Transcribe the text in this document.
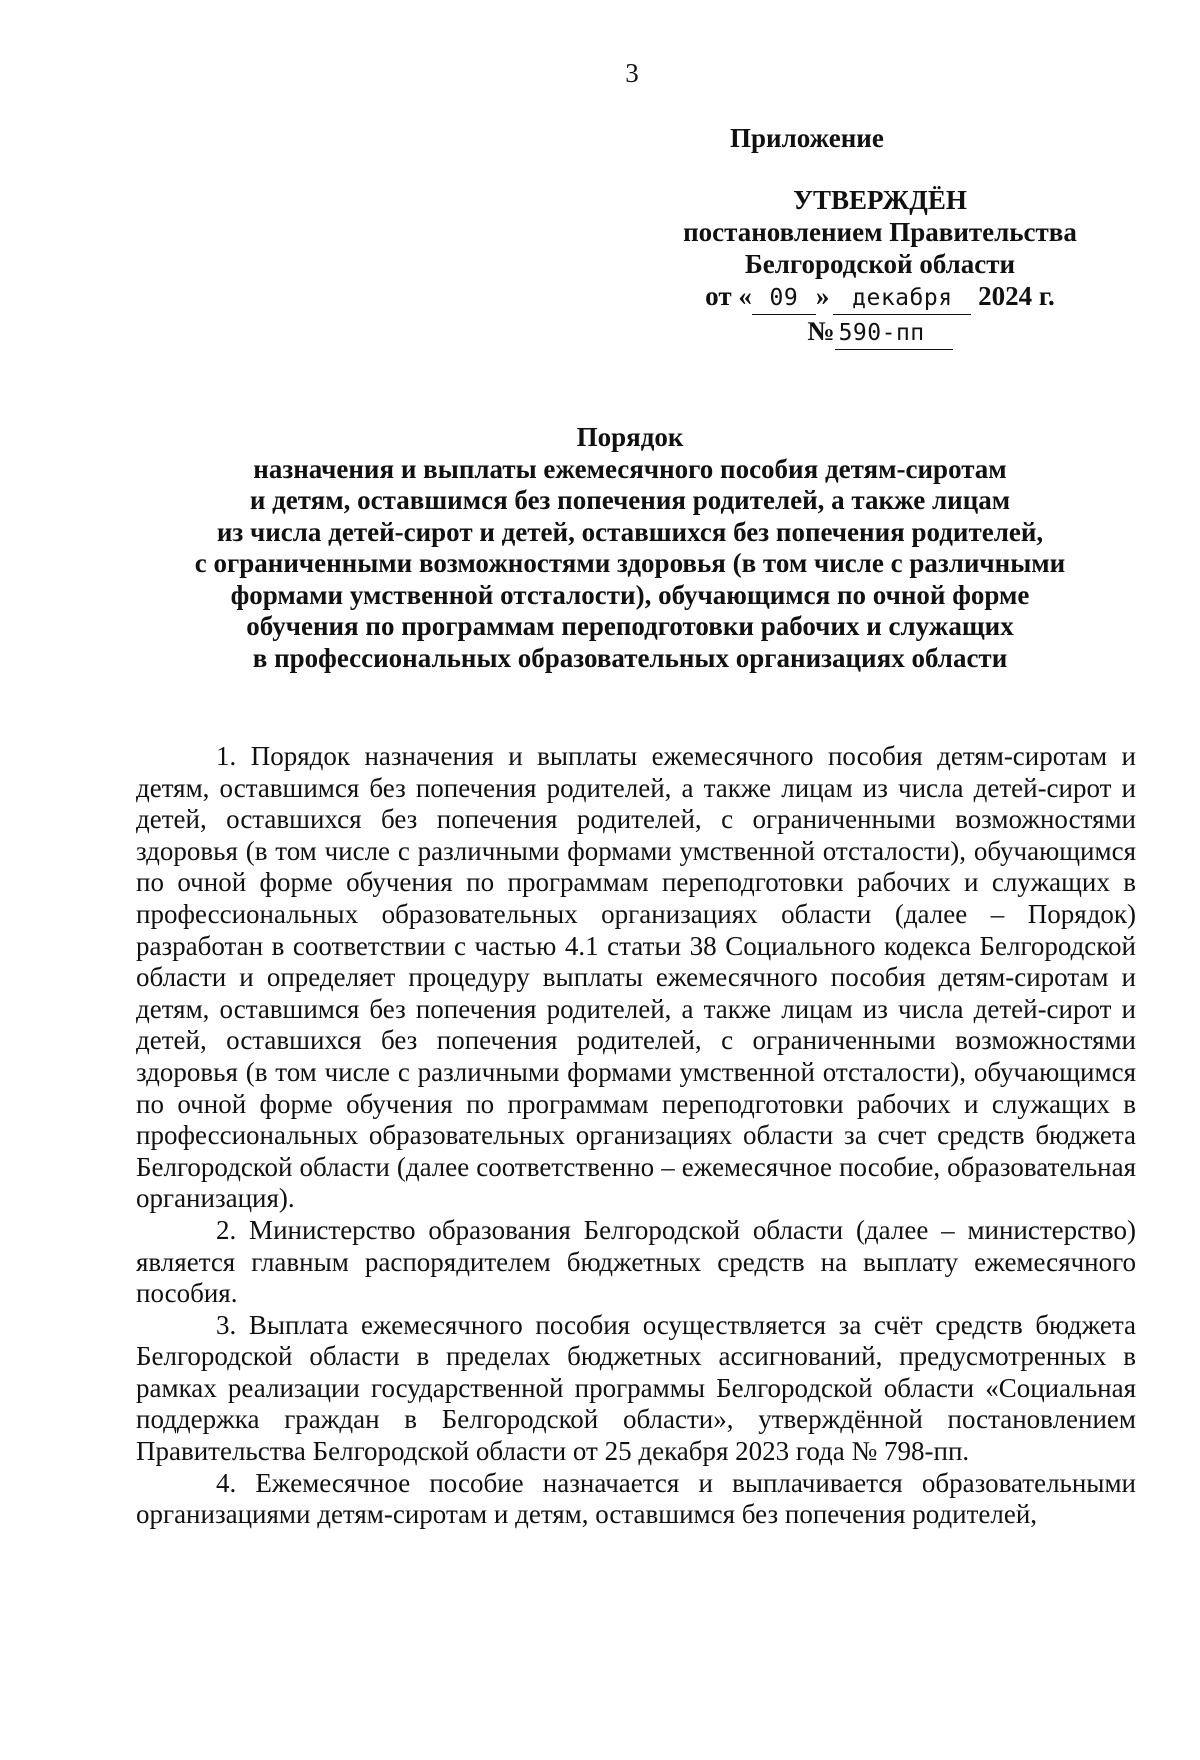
3
Приложение
УТВЕРЖДЁН
постановлением Правительства
Белгородской области
от « 09 » декабря 2024 г.
№ 590-пп
Порядок
назначения и выплаты ежемесячного пособия детям-сиротам
и детям, оставшимся без попечения родителей, а также лицам
из числа детей-сирот и детей, оставшихся без попечения родителей,
с ограниченными возможностями здоровья (в том числе с различными
формами умственной отсталости), обучающимся по очной форме
обучения по программам переподготовки рабочих и служащих
в профессиональных образовательных организациях области

1. Порядок назначения и выплаты ежемесячного пособия детям-сиротам и детям, оставшимся без попечения родителей, а также лицам из числа детей-сирот и детей, оставшихся без попечения родителей, с ограниченными возможностями здоровья (в том числе с различными формами умственной отсталости), обучающимся по очной форме обучения по программам переподготовки рабочих и служащих в профессиональных образовательных организациях области (далее – Порядок) разработан в соответствии с частью 4.1 статьи 38 Социального кодекса Белгородской области и определяет процедуру выплаты ежемесячного пособия детям-сиротам и детям, оставшимся без попечения родителей, а также лицам из числа детей-сирот и детей, оставшихся без попечения родителей, с ограниченными возможностями здоровья (в том числе с различными формами умственной отсталости), обучающимся по очной форме обучения по программам переподготовки рабочих и служащих в профессиональных образовательных организациях области за счет средств бюджета Белгородской области (далее соответственно – ежемесячное пособие, образовательная организация).

2. Министерство образования Белгородской области (далее – министерство) является главным распорядителем бюджетных средств на выплату ежемесячного пособия.

3. Выплата ежемесячного пособия осуществляется за счёт средств бюджета Белгородской области в пределах бюджетных ассигнований, предусмотренных в рамках реализации государственной программы Белгородской области «Социальная поддержка граждан в Белгородской области», утверждённой постановлением Правительства Белгородской области от 25 декабря 2023 года № 798-пп.

4. Ежемесячное пособие назначается и выплачивается образовательными организациями детям-сиротам и детям, оставшимся без попечения родителей,
